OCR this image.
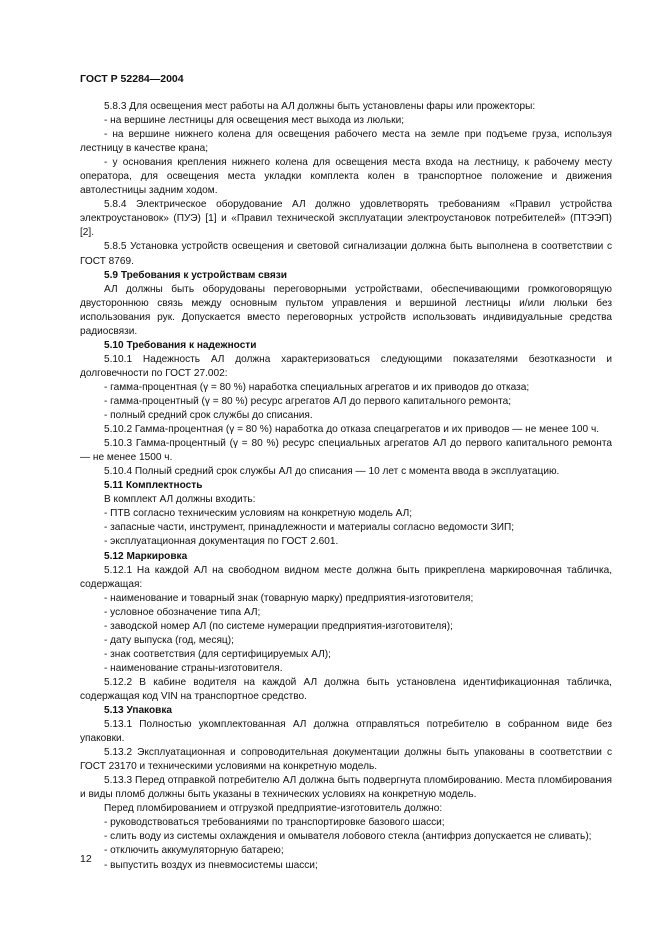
ГОСТ Р 52284—2004

5.8.3 Для освещения мест работы на АЛ должны быть установлены фары или прожекторы:

- на вершине лестницы для освещения мест выхода из люльки;

- на вершине нижнего колена для освещения рабочего места на земле при подъеме груза, используя лестницу в качестве крана;

- у основания крепления нижнего колена для освещения места входа на лестницу, к рабочему месту оператора, для освещения места укладки комплекта колен в транспортное положение и движения автолестницы задним ходом.

5.8.4 Электрическое оборудование АЛ должно удовлетворять требованиям «Правил устройства электроустановок» (ПУЭ) [1] и «Правил технической эксплуатации электроустановок потребителей» (ПТЭЭП) [2].

5.8.5 Установка устройств освещения и световой сигнализации должна быть выполнена в соответствии с ГОСТ 8769.

5.9 Требования к устройствам связи

АЛ должны быть оборудованы переговорными устройствами, обеспечивающими громкоговорящую двустороннюю связь между основным пультом управления и вершиной лестницы и/или люльки без использования рук. Допускается вместо переговорных устройств использовать индивидуальные средства радиосвязи.

5.10 Требования к надежности

5.10.1 Надежность АЛ должна характеризоваться следующими показателями безотказности и долговечности по ГОСТ 27.002:

- гамма-процентная (γ = 80 %) наработка специальных агрегатов и их приводов до отказа;

- гамма-процентный (γ = 80 %) ресурс агрегатов АЛ до первого капитального ремонта;

- полный средний срок службы до списания.

5.10.2 Гамма-процентная (γ = 80 %) наработка до отказа спецагрегатов и их приводов — не менее 100 ч.

5.10.3 Гамма-процентный (γ = 80 %) ресурс специальных агрегатов АЛ до первого капитального ремонта — не менее 1500 ч.

5.10.4 Полный средний срок службы АЛ до списания — 10 лет с момента ввода в эксплуатацию.

5.11 Комплектность

В комплект АЛ должны входить:

- ПТВ согласно техническим условиям на конкретную модель АЛ;

- запасные части, инструмент, принадлежности и материалы согласно ведомости ЗИП;

- эксплуатационная документация по ГОСТ 2.601.

5.12 Маркировка

5.12.1 На каждой АЛ на свободном видном месте должна быть прикреплена маркировочная табличка, содержащая:

- наименование и товарный знак (товарную марку) предприятия-изготовителя;

- условное обозначение типа АЛ;

- заводской номер АЛ (по системе нумерации предприятия-изготовителя);

- дату выпуска (год, месяц);

- знак соответствия (для сертифицируемых АЛ);

- наименование страны-изготовителя.

5.12.2 В кабине водителя на каждой АЛ должна быть установлена идентификационная табличка, содержащая код VIN на транспортное средство.

5.13 Упаковка

5.13.1 Полностью укомплектованная АЛ должна отправляться потребителю в собранном виде без упаковки.

5.13.2 Эксплуатационная и сопроводительная документации должны быть упакованы в соответствии с ГОСТ 23170 и техническими условиями на конкретную модель.

5.13.3 Перед отправкой потребителю АЛ должна быть подвергнута пломбированию. Места пломбирования и виды пломб должны быть указаны в технических условиях на конкретную модель.

Перед пломбированием и отгрузкой предприятие-изготовитель должно:

- руководствоваться требованиями по транспортировке базового шасси;

- слить воду из системы охлаждения и омывателя лобового стекла (антифриз допускается не сливать);

- отключить аккумуляторную батарею;

- выпустить воздух из пневмосистемы шасси;

12
